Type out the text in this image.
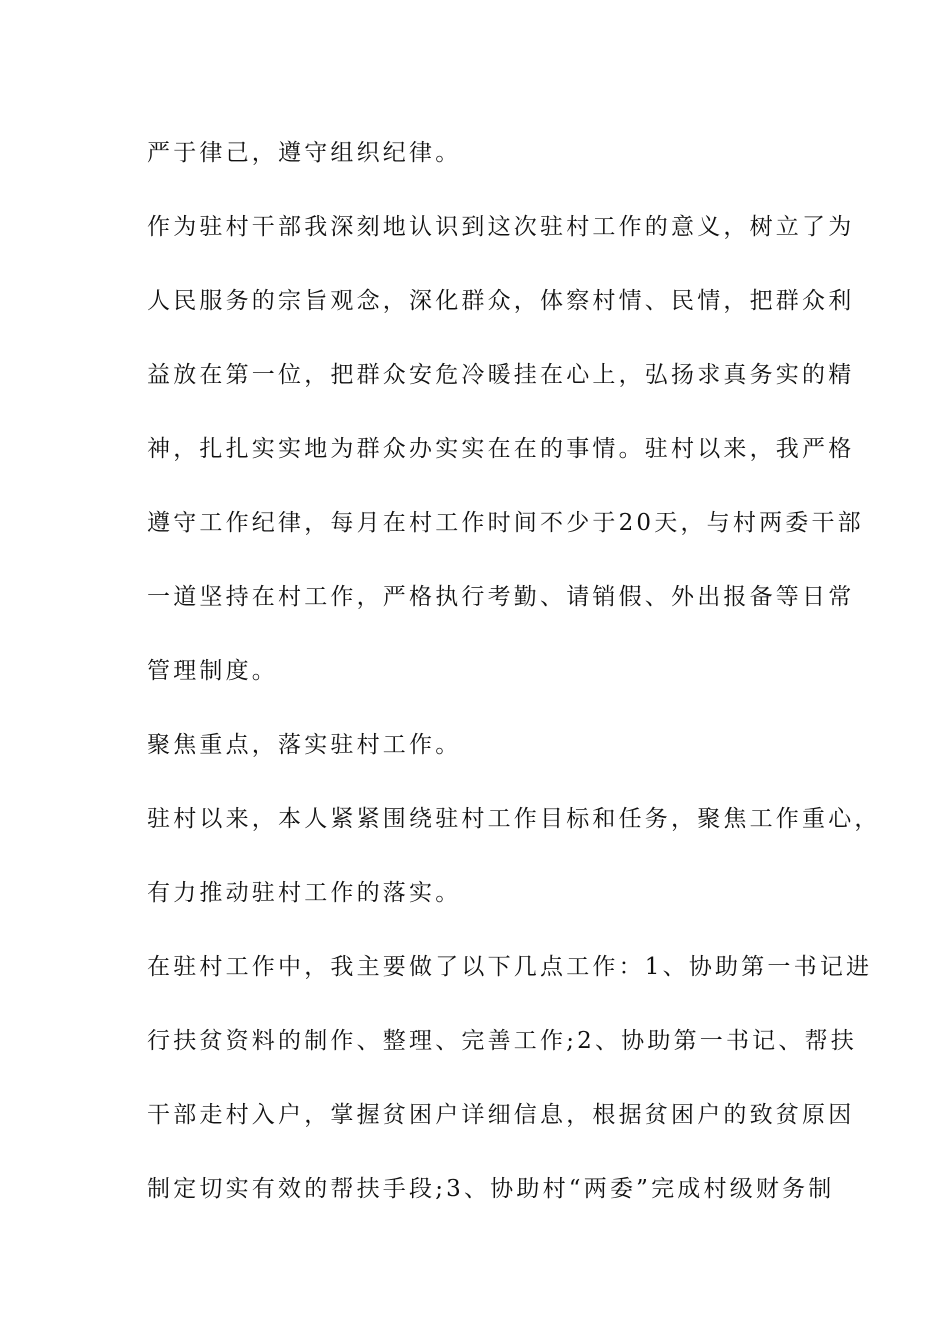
严于律己，遵守组织纪律。
作为驻村干部我深刻地认识到这次驻村工作的意义，树立了为
人民服务的宗旨观念，深化群众，体察村情、民情，把群众利
益放在第一位，把群众安危冷暖挂在心上，弘扬求真务实的精
神，扎扎实实地为群众办实实在在的事情。驻村以来，我严格
遵守工作纪律，每月在村工作时间不少于20天，与村两委干部
一道坚持在村工作，严格执行考勤、请销假、外出报备等日常
管理制度。
聚焦重点，落实驻村工作。
驻村以来，本人紧紧围绕驻村工作目标和任务，聚焦工作重心，
有力推动驻村工作的落实。
在驻村工作中，我主要做了以下几点工作：1、协助第一书记进
行扶贫资料的制作、整理、完善工作;2、协助第一书记、帮扶
干部走村入户，掌握贫困户详细信息，根据贫困户的致贫原因
制定切实有效的帮扶手段;3、协助村“两委”完成村级财务制
